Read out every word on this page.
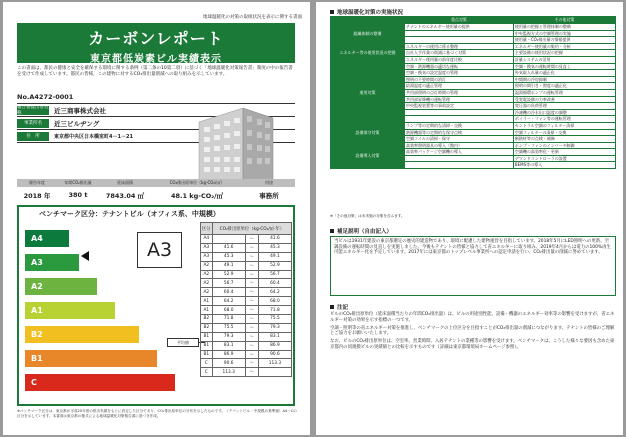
地球温暖化の対策の取組状況を表示に関する書面
カーボンレポート
東京都低炭素ビル実績表示
この書面は，都民の健康と安全を確保する環境に関する条例（第二条の10第二項）に基づく「地球温暖化対策報告書」制度の中の報告書を受けて作成しています。都民の皆様，この建物に対するCO₂排出量削減への取り組みを示しています。
No.A4272-0001
報告書提出者名称	近三商事株式会社
事業所名	近三ビルヂング
住　所	東京都中央区日本橋室町4－1－21
報告年度	年間CO₂排出量	延床面積	CO₂排出原単位（kg-CO₂/㎡）	用途
2018 年	380 t	7843.04 ㎡	48.1 kg-CO₂/㎡	事務所
ベンチマーク区分：テナントビル（オフィス系、中規模）
A4
A3
A2
A1
B2
B1
C
A3
平均値
区分	CO₂排出原単位（kg-CO₂/㎡·年）		
A4		～	41.6
A3	41.6	～	45.3
A3	45.3	～	49.1
A2	49.1	～	52.9
A2	52.9	～	56.7
A2	56.7	～	60.4
A2	60.4	～	64.2
A1	64.2	～	68.0
A1	68.0	～	71.8
B2	71.8	～	75.5
B2	75.5	～	79.3
B1	79.3	～	83.1
B1	83.1	～	86.9
B1	86.9	～	90.6
C	90.6	～	113.3
C	113.3	～	
※ベンチマーク区分は、東京都が平成25年度の排出実績をもとに設定した区分であり、CO₂排出原単位の分布を示したものです。（テナントビル・中規模の基準値）A4～Cの区分を示しています。本書面は東京都の様式による地球温暖化対策報告書に基づき作成。
地球温暖化対策の実施状況
	重点対策	その他対策
組織体制の整備	テナントのエネルギー使用量の提供	使用量の把握と管理体制の整備
		中央監視方式の空調管理の実施
		使用量・CO₂排出量の情報提供
エネルギー等の使用状況の把握	エネルギーの使用に係る整理	エネルギー使用量の集約・分析
	自社人手作業の削減に基づく対策	主要設備の使用状況の把握
	エネルギー使用量の前年度比較	計量システムの活用
運用対策	空調・熱源機器の適切な運転	空調・換気の運転時間の見直し
	空調・換気の設定温度の管理	外気取入れ量の適正化
	照明の不要時間の消灯	中間期の冷房抑制
	給湯温度の適正管理	照明の間引き・照度の適正化
	共用部照明の点灯時間の管理	温湯循環ポンプの運転管理
	共用部昇降機の運転管理	受変電設備の力率改善
	中央監視装置等の事前設定	変圧器の負荷管理
		冷凍機の冷水出口温度の調整
		ボイラー・ファン等の運転管理
設備保守対策	ランプ等の定期的な清掃・交換	セントラル空調のフィルター清掃
	熱源機器等の定期的な保守点検	空調フィルターの清掃・交換
	空調コイルの清掃・保守	断熱材等の点検・補修
設備導入対策	高効率照明器具の導入（館内）	ポンプ・ファンのインバータ制御
	高効率パッケージ空調機の導入	空調機の高効率化・更新
		デマンドコントローラの設置
		BEMS等の導入
※「その他対策」は未実施の対策を含みます。
補足説明（自由記入）
当ビルは1931年建設の東京都選定の歴史的建造物であり、環境に配慮した建物運営を目指しています。2018年5月にLED照明への更新、空調設備の運転時間の見直しを実施しました。今後もテナントの皆様と協力して省エネルギーに取り組み、2019年4月からは電力の100%再生可能エネルギー化を予定しています。2017年には東京都のトップレベル事業所への認定申請を行い、CO₂排出量の削減に努めています。
注記

ビルのCO₂排出原単位（延床面積当たりの年間CO₂排出量）は、ビルの用途別性能、設備・機器のエネルギー効率等の影響を受けますが、省エネルギー対策の効果を示す指標の一つです。

空調・照明等の省エネルギー対策を推進し、ベンチマークの上位区分を目指すことがCO₂排出量の削減につながります。テナントの皆様のご理解とご協力をお願いいたします。

なお、ビルのCO₂排出原単位は、空室率、営業時間、入居テナントの業種等の影響を受けます。ベンチマークは、こうした様々な要因も含めた東京都内の同規模ビルの実績値との比較を示すものです（詳細は東京都環境局ホームページ参照）。
